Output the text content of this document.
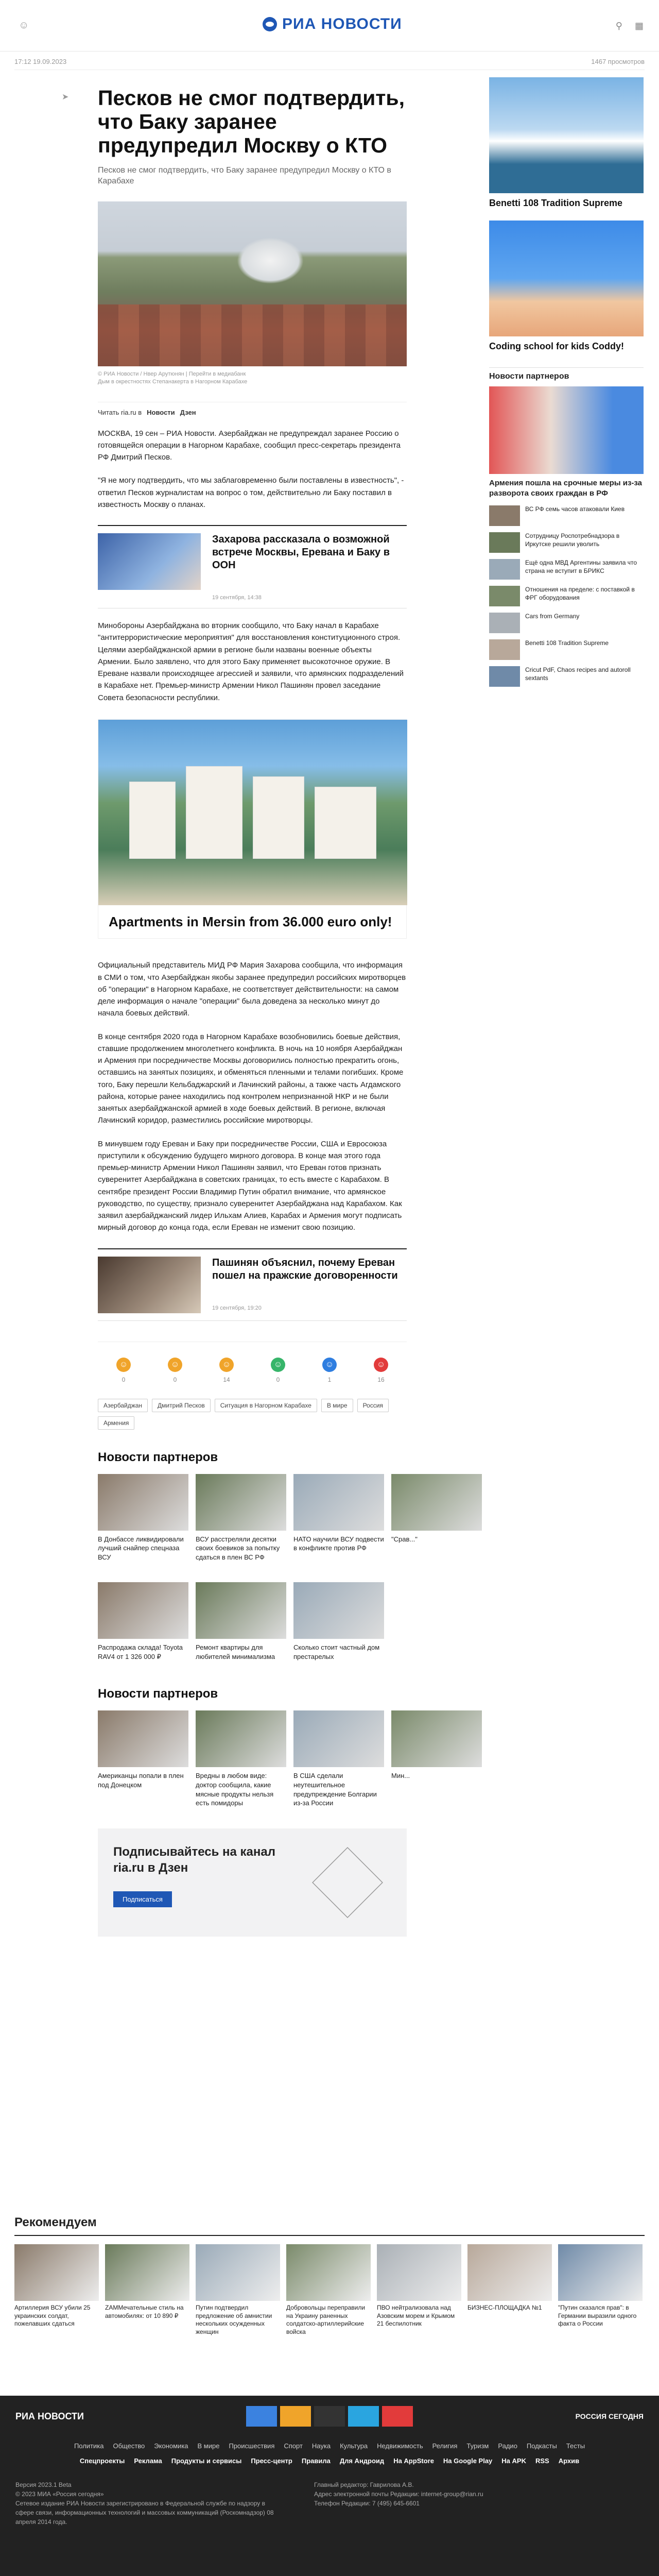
☺	РИА НОВОСТИ	⚲ ▦
17:12 19.09.2023	1467 просмотров
➤ Песков не смог подтвердить, что Баку заранее предупредил Москву о КТО
Песков не смог подтвердить, что Баку заранее предупредил Москву о КТО в Карабахе
© РИА Новости / Нвер Арутюнян | Перейти в медиабанк
Дым в окрестностях Степанакерта в Нагорном Карабахе
Читать ria.ru в Новости Дзен

МОСКВА, 19 сен – РИА Новости. Азербайджан не предупреждал заранее Россию о готовящейся операции в Нагорном Карабахе, сообщил пресс-секретарь президента РФ Дмитрий Песков.

"Я не могу подтвердить, что мы заблаговременно были поставлены в известность", - ответил Песков журналистам на вопрос о том, действительно ли Баку поставил в известность Москву о планах.

Захарова рассказала о возможной встрече Москвы, Еревана и Баку в ООН
19 сентября, 14:38

Минобороны Азербайджана во вторник сообщило, что Баку начал в Карабахе "антитеррористические мероприятия" для восстановления конституционного строя. Целями азербайджанской армии в регионе были названы военные объекты Армении. Было заявлено, что для этого Баку применяет высокоточное оружие. В Ереване назвали происходящее агрессией и заявили, что армянских подразделений в Карабахе нет. Премьер-министр Армении Никол Пашинян провел заседание Совета безопасности республики.

Apartments in Mersin from 36.000 euro only!

Официальный представитель МИД РФ Мария Захарова сообщила, что информация в СМИ о том, что Азербайджан якобы заранее предупредил российских миротворцев об "операции" в Нагорном Карабахе, не соответствует действительности: на самом деле информация о начале "операции" была доведена за несколько минут до начала боевых действий.

В конце сентября 2020 года в Нагорном Карабахе возобновились боевые действия, ставшие продолжением многолетнего конфликта. В ночь на 10 ноября Азербайджан и Армения при посредничестве Москвы договорились полностью прекратить огонь, оставшись на занятых позициях, и обменяться пленными и телами погибших. Кроме того, Баку перешли Кельбаджарский и Лачинский районы, а также часть Агдамского района, которые ранее находились под контролем непризнанной НКР и не были занятых азербайджанской армией в ходе боевых действий. В регионе, включая Лачинский коридор, разместились российские миротворцы.

В минувшем году Ереван и Баку при посредничестве России, США и Евросоюза приступили к обсуждению будущего мирного договора. В конце мая этого года премьер-министр Армении Никол Пашинян заявил, что Ереван готов признать суверенитет Азербайджана в советских границах, то есть вместе с Карабахом. В сентябре президент России Владимир Путин обратил внимание, что армянское руководство, по существу, признало суверенитет Азербайджана над Карабахом. Как заявил азербайджанский лидер Ильхам Алиев, Карабах и Армения могут подписать мирный договор до конца года, если Ереван не изменит свою позицию.

Пашинян объяснил, почему Ереван пошел на пражские договоренности
19 сентября, 19:20
☺
0
☺
0
☺
14
☺
0
☺
1
☺
16
Азербайджан	Дмитрий Песков	Ситуация в Нагорном Карабахе	В мире	Россия
Армения
Новости партнеров
В Донбассе ликвидировали лучший снайпер спецназа ВСУ
ВСУ расстреляли десятки своих боевиков за попытку сдаться в плен ВС РФ
НАТО научили ВСУ подвести в конфликте против РФ
"Срав..."
Распродажа склада! Toyota RAV4 от 1 326 000 ₽
Ремонт квартиры для любителей минимализма
Сколько стоит частный дом престарелых
Новости партнеров
Американцы попали в плен под Донецком
Вредны в любом виде: доктор сообщила, какие мясные продукты нельзя есть помидоры
В США сделали неутешительное предупреждение Болгарии из-за России
Мин...
Подписывайтесь на канал ria.ru в Дзен
Подписаться
Benetti 108 Tradition Supreme
Coding school for kids Coddy!
Новости партнеров
Армения пошла на срочные меры из-за разворота своих граждан в РФ
ВС РФ семь часов атаковали Киев
Сотрудницу Роспотребнадзора в Иркутске решили уволить
Ещё одна МВД Аргентины заявила что страна не вступит в БРИКС
Отношения на пределе: с поставкой в ФРГ оборудования
Cars from Germany
Benetti 108 Tradition Supreme
Cricut PdF, Chaos recipes and autoroll sextants
Рекомендуем
Артиллерия ВСУ убили 25 украинских солдат, пожелавших сдаться
ZAMMечательные стиль на автомобилях: от 10 890 ₽
Путин подтвердил предложение об амнистии нескольких осужденных женщин
Добровольцы переправили на Украину раненных солдатско-артиллерийские войска
ПВО нейтрализовала над Азовским морем и Крымом 21 беспилотник
БИЗНЕС-ПЛОЩАДКА №1	"Путин сказался прав": в Германии выразили одного факта о России
РИА НОВОСТИ	РОССИЯ СЕГОДНЯ
Политика Общество Экономика В мире Происшествия Спорт Наука Культура Недвижимость Религия Туризм Радио Подкасты Тесты
Спецпроекты Реклама Продукты и сервисы Пресс-центр Правила Для Андроид На AppStore На Google Play На APK RSS Архив
Версия 2023.1 Beta
© 2023 МИА «Россия сегодня»
Сетевое издание РИА Новости зарегистрировано в Федеральной службе по надзору в сфере связи, информационных технологий и массовых коммуникаций (Роскомнадзор) 08 апреля 2014 года.
Главный редактор: Гаврилова А.В.
Адрес электронной почты Редакции: internet-group@rian.ru
Телефон Редакции: 7 (495) 645-6601
